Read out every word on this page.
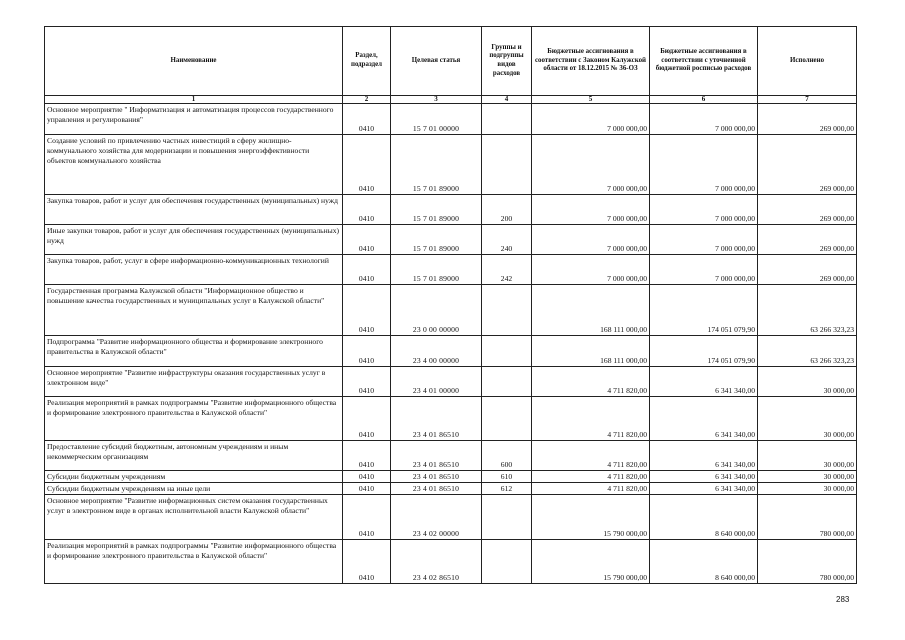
Наименование	Раздел, подраздел	Целевая статья	Группы и подгруппы видов расходов	Бюджетные ассигнования в соответствии с Законом Калужской области от 18.12.2015 № 36-ОЗ	Бюджетные ассигнования в соответствии с уточненной бюджетной росписью расходов	Исполнено
1	2	3	4	5	6	7
Основное мероприятие " Информатизация и автоматизация процессов государственного управления и регулирования"	0410	15 7 01 00000		7 000 000,00	7 000 000,00	269 000,00
Создание условий по привлечению частных инвестиций в сферу жилищно-коммунального хозяйства для модернизации и повышения энергоэффективности объектов коммунального хозяйства	0410	15 7 01 89000		7 000 000,00	7 000 000,00	269 000,00
Закупка товаров, работ и услуг для обеспечения государственных (муниципальных) нужд	0410	15 7 01 89000	200	7 000 000,00	7 000 000,00	269 000,00
Иные закупки товаров, работ и услуг для обеспечения государственных (муниципальных) нужд	0410	15 7 01 89000	240	7 000 000,00	7 000 000,00	269 000,00
Закупка товаров, работ, услуг в сфере информационно-коммуникационных технологий	0410	15 7 01 89000	242	7 000 000,00	7 000 000,00	269 000,00
Государственная программа Калужской области "Информационное общество и повышение качества государственных и муниципальных услуг в Калужской области"	0410	23 0 00 00000		168 111 000,00	174 051 079,90	63 266 323,23
Подпрограмма "Развитие информационного общества и формирование электронного правительства в Калужской области"	0410	23 4 00 00000		168 111 000,00	174 051 079,90	63 266 323,23
Основное мероприятие "Развитие инфраструктуры оказания государственных услуг в электронном виде"	0410	23 4 01 00000		4 711 820,00	6 341 340,00	30 000,00
Реализация мероприятий в рамках подпрограммы "Развитие информационного общества и формирование электронного правительства в Калужской области"	0410	23 4 01 86510		4 711 820,00	6 341 340,00	30 000,00
Предоставление субсидий бюджетным, автономным учреждениям и иным некоммерческим организациям	0410	23 4 01 86510	600	4 711 820,00	6 341 340,00	30 000,00
Субсидии бюджетным учреждениям	0410	23 4 01 86510	610	4 711 820,00	6 341 340,00	30 000,00
Субсидии бюджетным учреждениям на иные цели	0410	23 4 01 86510	612	4 711 820,00	6 341 340,00	30 000,00
Основное мероприятие "Развитие информационных систем оказания государственных услуг в электронном виде в органах исполнительной власти Калужской области"	0410	23 4 02 00000		15 790 000,00	8 640 000,00	780 000,00
Реализация мероприятий в рамках подпрограммы "Развитие информационного общества и формирование электронного правительства в Калужской области"	0410	23 4 02 86510		15 790 000,00	8 640 000,00	780 000,00
283
